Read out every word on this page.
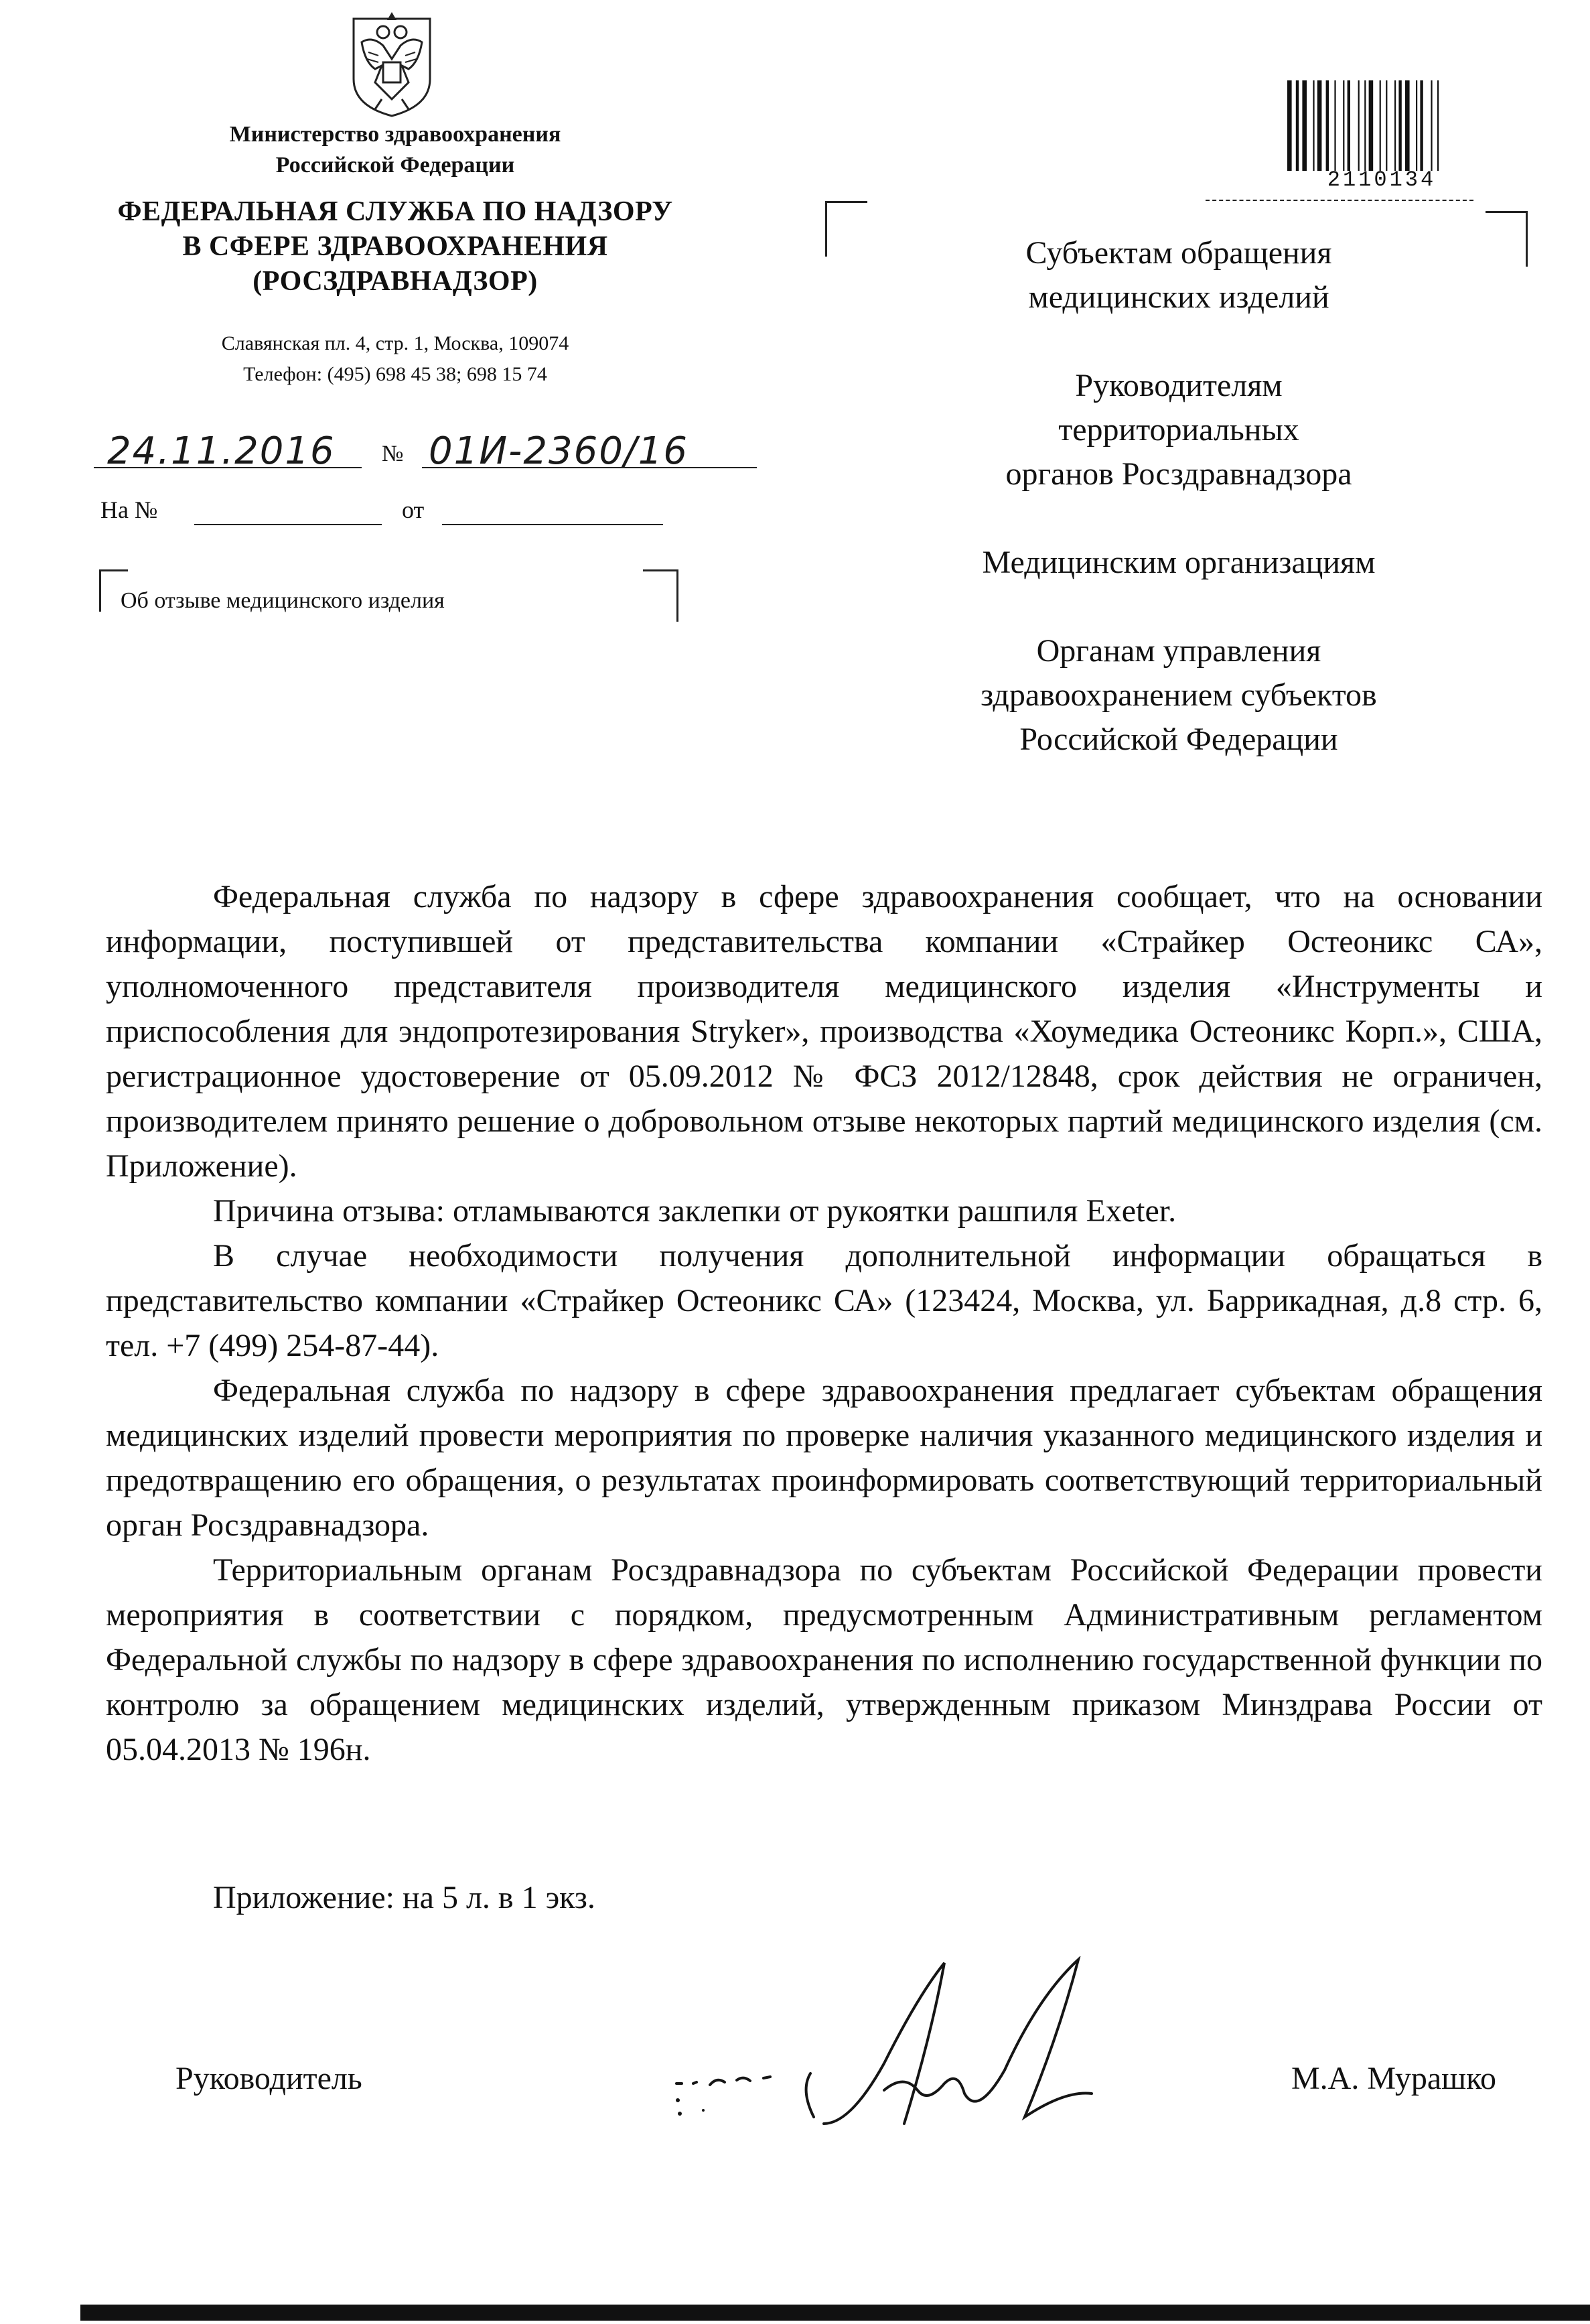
Министерство здравоохранения
Российской Федерации
ФЕДЕРАЛЬНАЯ СЛУЖБА ПО НАДЗОРУ
В СФЕРЕ ЗДРАВООХРАНЕНИЯ
(РОСЗДРАВНАДЗОР)
Славянская пл. 4, стр. 1, Москва, 109074
Телефон: (495) 698 45 38; 698 15 74
24.11.2016 № 01И-2360/16
На №	от
Об отзыве медицинского изделия
2110134
Субъектам обращения
медицинских изделий
Руководителям
территориальных
органов Росздравнадзора
Медицинским организациям
Органам управления
здравоохранением субъектов
Российской Федерации

Федеральная служба по надзору в сфере здравоохранения сообщает, что на основании информации, поступившей от представительства компании «Страйкер Остеоникс СА», уполномоченного представителя производителя медицинского изделия «Инструменты и приспособления для эндопротезирования Stryker», производства «Хоумедика Остеоникс Корп.», США, регистрационное удостоверение от 05.09.2012 № ФСЗ 2012/12848, срок действия не ограничен, производителем принято решение о добровольном отзыве некоторых партий медицинского изделия (см. Приложение).

Причина отзыва: отламываются заклепки от рукоятки рашпиля Exeter.

В случае необходимости получения дополнительной информации обращаться в представительство компании «Страйкер Остеоникс СА» (123424, Москва, ул. Баррикадная, д.8 стр. 6, тел. +7 (499) 254-87-44).

Федеральная служба по надзору в сфере здравоохранения предлагает субъектам обращения медицинских изделий провести мероприятия по проверке наличия указанного медицинского изделия и предотвращению его обращения, о результатах проинформировать соответствующий территориальный орган Росздравнадзора.

Территориальным органам Росздравнадзора по субъектам Российской Федерации провести мероприятия в соответствии с порядком, предусмотренным Административным регламентом Федеральной службы по надзору в сфере здравоохранения по исполнению государственной функции по контролю за обращением медицинских изделий, утвержденным приказом Минздрава России от 05.04.2013 № 196н.

Приложение: на 5 л. в 1 экз.
Руководитель	М.А. Мурашко
